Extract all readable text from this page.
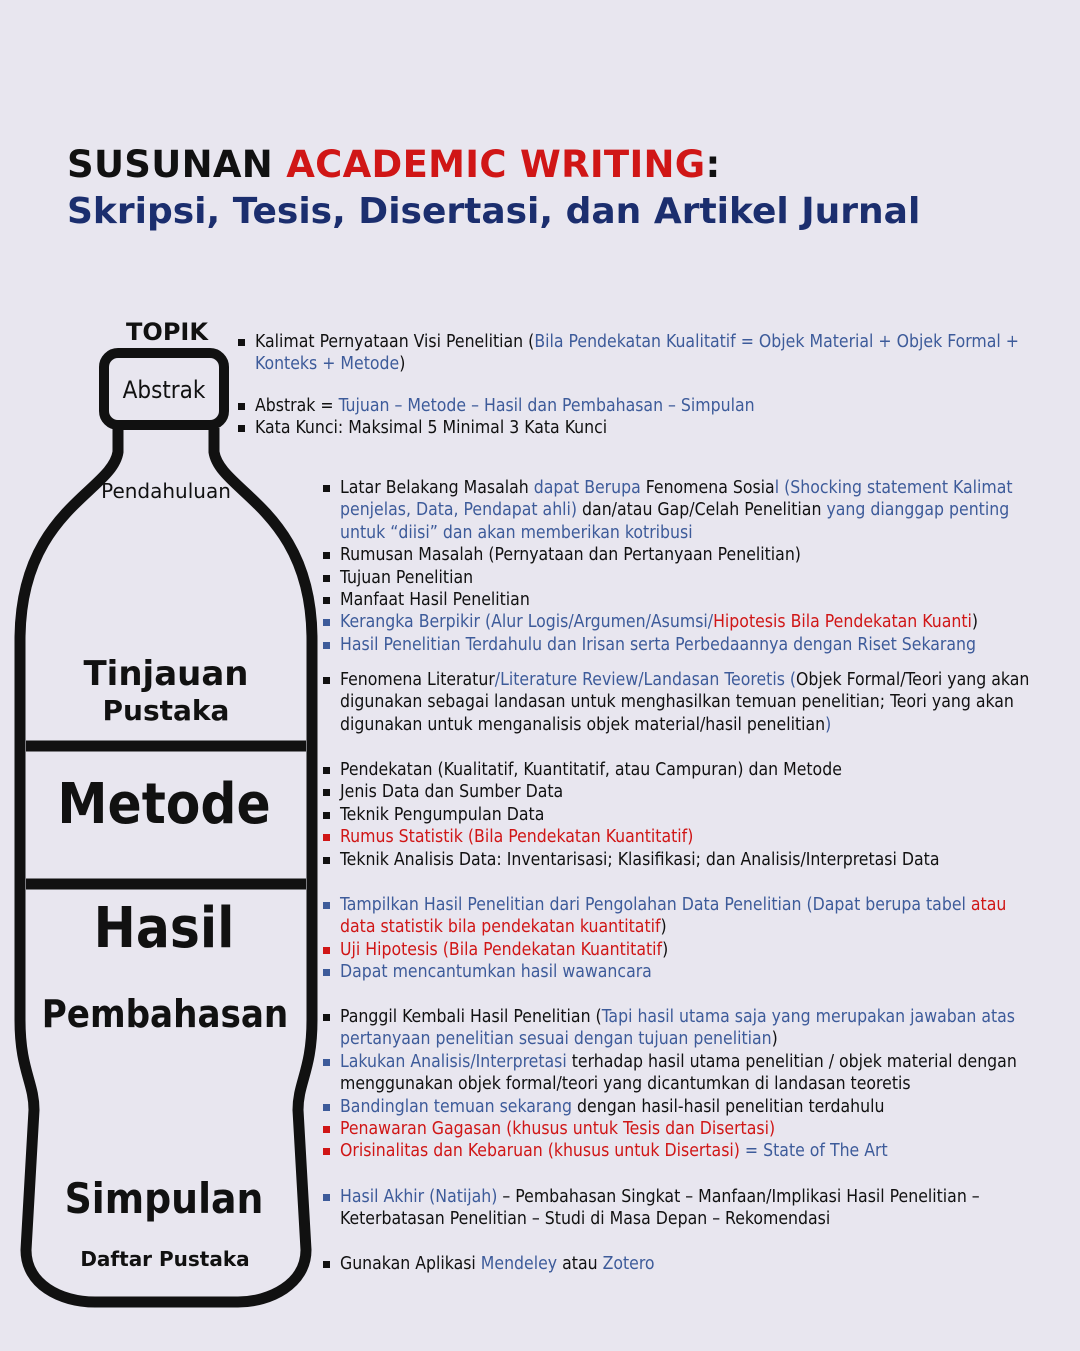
SUSUNAN ACADEMIC WRITING:
Skripsi, Tesis, Disertasi, dan Artikel Jurnal
TOPIK
Abstrak
Pendahuluan
Tinjauan
Pustaka
Metode
Hasil
Pembahasan
Simpulan
Daftar Pustaka
Kalimat Pernyataan Visi Penelitian (Bila Pendekatan Kualitatif = Objek Material + Objek Formal + Konteks + Metode)
Abstrak = Tujuan – Metode – Hasil dan Pembahasan – Simpulan
Kata Kunci: Maksimal 5 Minimal 3 Kata Kunci
Latar Belakang Masalah dapat Berupa Fenomena Sosial (Shocking statement Kalimat penjelas, Data, Pendapat ahli) dan/atau Gap/Celah Penelitian yang dianggap penting untuk “diisi” dan akan memberikan kotribusi
Rumusan Masalah (Pernyataan dan Pertanyaan Penelitian)
Tujuan Penelitian
Manfaat Hasil Penelitian
Kerangka Berpikir (Alur Logis/Argumen/Asumsi/Hipotesis Bila Pendekatan Kuanti)
Hasil Penelitian Terdahulu dan Irisan serta Perbedaannya dengan Riset Sekarang
Fenomena Literatur/Literature Review/Landasan Teoretis (Objek Formal/Teori yang akan digunakan sebagai landasan untuk menghasilkan temuan penelitian; Teori yang akan digunakan untuk menganalisis objek material/hasil penelitian)
Pendekatan (Kualitatif, Kuantitatif, atau Campuran) dan Metode
Jenis Data dan Sumber Data
Teknik Pengumpulan Data
Rumus Statistik (Bila Pendekatan Kuantitatif)
Teknik Analisis Data: Inventarisasi; Klasifikasi; dan Analisis/Interpretasi Data
Tampilkan Hasil Penelitian dari Pengolahan Data Penelitian (Dapat berupa tabel atau data statistik bila pendekatan kuantitatif)
Uji Hipotesis (Bila Pendekatan Kuantitatif)
Dapat mencantumkan hasil wawancara
Panggil Kembali Hasil Penelitian (Tapi hasil utama saja yang merupakan jawaban atas pertanyaan penelitian sesuai dengan tujuan penelitian)
Lakukan Analisis/Interpretasi terhadap hasil utama penelitian / objek material dengan menggunakan objek formal/teori yang dicantumkan di landasan teoretis
Bandinglan temuan sekarang dengan hasil-hasil penelitian terdahulu
Penawaran Gagasan (khusus untuk Tesis dan Disertasi)
Orisinalitas dan Kebaruan (khusus untuk Disertasi) = State of The Art
Hasil Akhir (Natijah) – Pembahasan Singkat – Manfaan/Implikasi Hasil Penelitian – Keterbatasan Penelitian – Studi di Masa Depan – Rekomendasi
Gunakan Aplikasi Mendeley atau Zotero
